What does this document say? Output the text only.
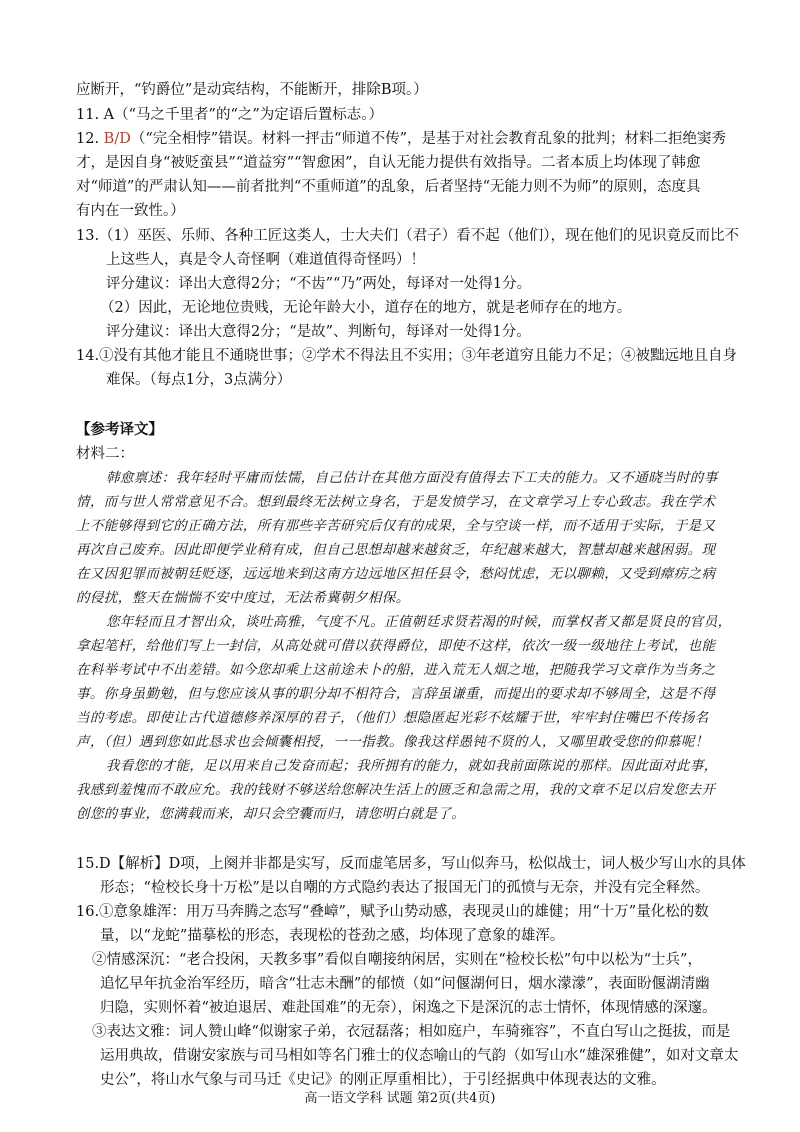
应断开，“钓爵位”是动宾结构，不能断开，排除B项。）
11. A（“马之千里者”的“之”为定语后置标志。）
12. B/D（“完全相悖”错误。材料一抨击“师道不传”，是基于对社会教育乱象的批判；材料二拒绝窦秀
才，是因自身“被贬蛮县”“道益穷”“智愈困”，自认无能力提供有效指导。二者本质上均体现了韩愈
对“师道”的严肃认知——前者批判“不重师道”的乱象，后者坚持“无能力则不为师”的原则，态度具
有内在一致性。）
13.（1）巫医、乐师、各种工匠这类人，士大夫们（君子）看不起（他们），现在他们的见识竟反而比不
上这些人，真是令人奇怪啊（难道值得奇怪吗）！
评分建议：译出大意得2分；“不齿”“乃”两处，每译对一处得1分。
（2）因此，无论地位贵贱，无论年龄大小，道存在的地方，就是老师存在的地方。
评分建议：译出大意得2分；“是故”、判断句，每译对一处得1分。
14.①没有其他才能且不通晓世事；②学术不得法且不实用；③年老道穷且能力不足；④被黜远地且自身
难保。（每点1分，3点满分）
【参考译文】
材料二：
韩愈禀述：我年轻时平庸而怯懦，自己估计在其他方面没有值得去下工夫的能力。又不通晓当时的事
情，而与世人常常意见不合。想到最终无法树立身名，于是发愤学习，在文章学习上专心致志。我在学术
上不能够得到它的正确方法，所有那些辛苦研究后仅有的成果，全与空谈一样，而不适用于实际，于是又
再次自己废弃。因此即便学业稍有成，但自己思想却越来越贫乏，年纪越来越大，智慧却越来越困弱。现
在又因犯罪而被朝廷贬逐，远远地来到这南方边远地区担任县令，愁闷忧虑，无以聊赖，又受到瘴疠之病
的侵扰，整天在惴惴不安中度过，无法希冀朝夕相保。
您年轻而且才智出众，谈吐高雅，气度不凡。正值朝廷求贤若渴的时候，而掌权者又都是贤良的官员，
拿起笔杆，给他们写上一封信，从高处就可借以获得爵位，即使不这样，依次一级一级地往上考试，也能
在科举考试中不出差错。如今您却乘上这前途未卜的船，进入荒无人烟之地，把随我学习文章作为当务之
事。你身虽勤勉，但与您应该从事的职分却不相符合，言辞虽谦重，而提出的要求却不够周全，这是不得
当的考虑。即使让古代道德修养深厚的君子，（他们）想隐匿起光彩不炫耀于世，牢牢封住嘴巴不传扬名
声，（但）遇到您如此恳求也会倾囊相授，一一指教。像我这样愚钝不贤的人，又哪里敢受您的仰慕呢！
我看您的才能，足以用来自己发奋而起；我所拥有的能力，就如我前面陈说的那样。因此面对此事，
我感到羞愧而不敢应允。我的钱财不够送给您解决生活上的匮乏和急需之用，我的文章不足以启发您去开
创您的事业，您满载而来，却只会空囊而归，请您明白就是了。
15.D【解析】D项，上阕并非都是实写，反而虚笔居多，写山似奔马，松似战士，词人极少写山水的具体
形态；“检校长身十万松”是以自嘲的方式隐约表达了报国无门的孤愤与无奈，并没有完全释然。
16.①意象雄浑：用万马奔腾之态写“叠嶂”，赋予山势动感，表现灵山的雄健；用“十万”量化松的数
量，以“龙蛇”描摹松的形态，表现松的苍劲之感，均体现了意象的雄浑。
②情感深沉：“老合投闲，天教多事”看似自嘲接纳闲居，实则在“检校长松”句中以松为“士兵”，
追忆早年抗金治军经历，暗含“壮志未酬”的郁愤（如“问偃湖何日，烟水濛濛”，表面盼偃湖清幽
归隐，实则怀着“被迫退居、难赴国难”的无奈），闲逸之下是深沉的志士情怀，体现情感的深邃。
③表达文雅：词人赞山峰“似谢家子弟，衣冠磊落；相如庭户，车骑雍容”，不直白写山之挺拔，而是
运用典故，借谢安家族与司马相如等名门雅士的仪态喻山的气韵（如写山水“雄深雅健”，如对文章太
史公”，将山水气象与司马迁《史记》的刚正厚重相比），于引经据典中体现表达的文雅。
高一语文学科 试题 第2页(共4页)
